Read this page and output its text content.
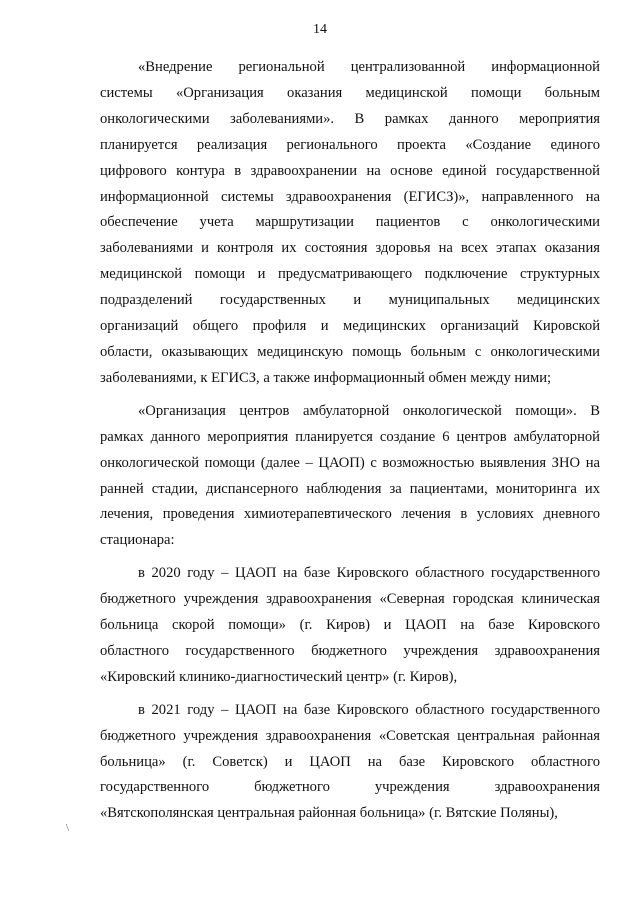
14

«Внедрение региональной централизованной информационной
системы «Организация оказания медицинской помощи больным
онкологическими заболеваниями». В рамках данного мероприятия
планируется реализация регионального проекта «Создание единого
цифрового контура в здравоохранении на основе единой государственной
информационной системы здравоохранения (ЕГИСЗ)», направленного на
обеспечение учета маршрутизации пациентов с онкологическими
заболеваниями и контроля их состояния здоровья на всех этапах оказания
медицинской помощи и предусматривающего подключение структурных
подразделений государственных и муниципальных медицинских
организаций общего профиля и медицинских организаций Кировской
области, оказывающих медицинскую помощь больным с онкологическими
заболеваниями, к ЕГИСЗ, а также информационный обмен между ними;

«Организация центров амбулаторной онкологической помощи». В
рамках данного мероприятия планируется создание 6 центров амбулаторной
онкологической помощи (далее – ЦАОП) с возможностью выявления ЗНО на
ранней стадии, диспансерного наблюдения за пациентами, мониторинга их
лечения, проведения химиотерапевтического лечения в условиях дневного
стационара:

в 2020 году – ЦАОП на базе Кировского областного государственного
бюджетного учреждения здравоохранения «Северная городская клиническая
больница скорой помощи» (г. Киров) и ЦАОП на базе Кировского
областного государственного бюджетного учреждения здравоохранения
«Кировский клинико-диагностический центр» (г. Киров),

в 2021 году – ЦАОП на базе Кировского областного государственного
бюджетного учреждения здравоохранения «Советская центральная районная
больница» (г. Советск) и ЦАОП на базе Кировского областного
государственного бюджетного учреждения здравоохранения
«Вятскополянская центральная районная больница» (г. Вятские Поляны),

\
